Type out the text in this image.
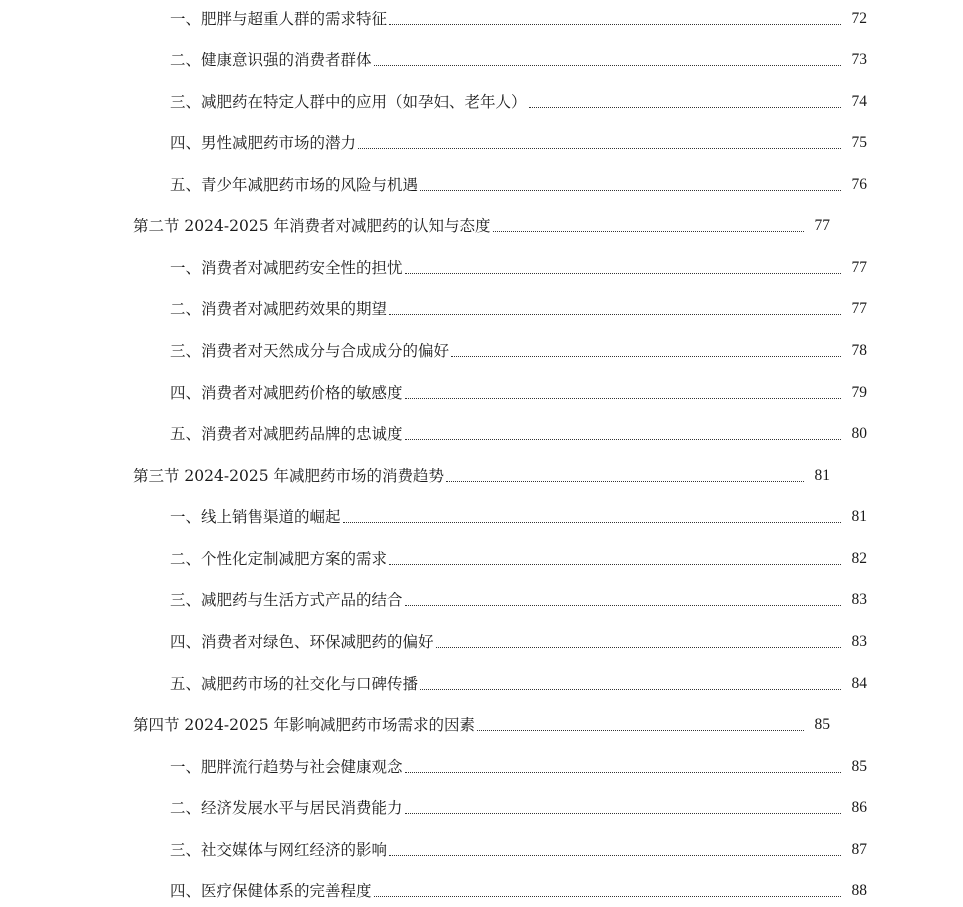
一、肥胖与超重人群的需求特征	72
二、健康意识强的消费者群体	73
三、减肥药在特定人群中的应用（如孕妇、老年人）	74
四、男性减肥药市场的潜力	75
五、青少年减肥药市场的风险与机遇	76
第二节 2024-2025 年消费者对减肥药的认知与态度	77
一、消费者对减肥药安全性的担忧	77
二、消费者对减肥药效果的期望	77
三、消费者对天然成分与合成成分的偏好	78
四、消费者对减肥药价格的敏感度	79
五、消费者对减肥药品牌的忠诚度	80
第三节 2024-2025 年减肥药市场的消费趋势	81
一、线上销售渠道的崛起	81
二、个性化定制减肥方案的需求	82
三、减肥药与生活方式产品的结合	83
四、消费者对绿色、环保减肥药的偏好	83
五、减肥药市场的社交化与口碑传播	84
第四节 2024-2025 年影响减肥药市场需求的因素	85
一、肥胖流行趋势与社会健康观念	85
二、经济发展水平与居民消费能力	86
三、社交媒体与网红经济的影响	87
四、医疗保健体系的完善程度	88
